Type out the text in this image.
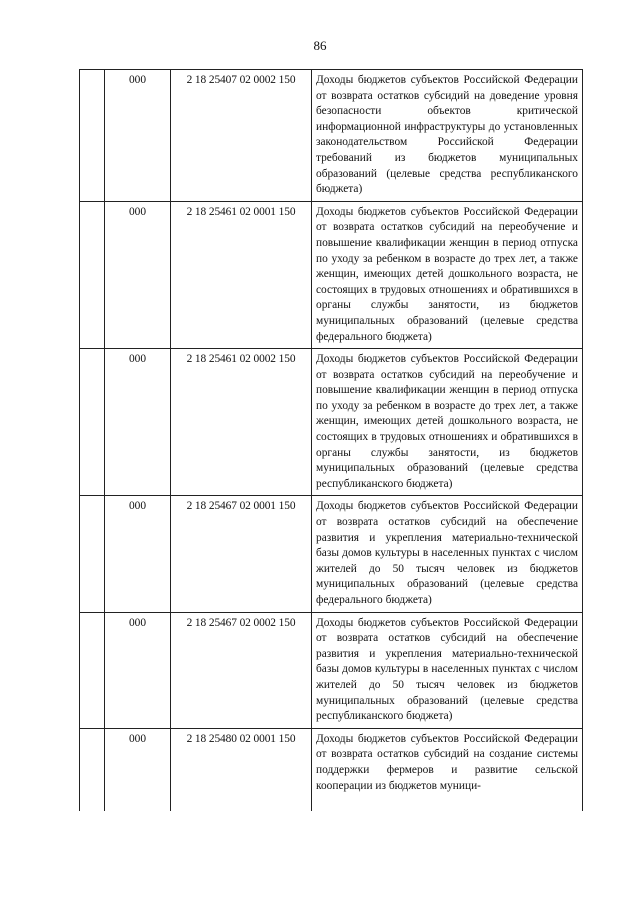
86
	000	2 18 25407 02 0002 150	Доходы бюджетов субъектов Российской Федерации от возврата остатков субсидий на доведение уровня безопасности объектов критической информационной инфраструктуры до установленных законодательством Российской Федерации требований из бюджетов муниципальных образований (целевые средства республиканского бюджета)

	000	2 18 25461 02 0001 150	Доходы бюджетов субъектов Российской Федерации от возврата остатков субсидий на переобучение и повышение квалификации женщин в период отпуска по уходу за ребенком в возрасте до трех лет, а также женщин, имеющих детей дошкольного возраста, не состоящих в трудовых отношениях и обратившихся в органы службы занятости, из бюджетов муниципальных образований (целевые средства федерального бюджета)

	000	2 18 25461 02 0002 150	Доходы бюджетов субъектов Российской Федерации от возврата остатков субсидий на переобучение и повышение квалификации женщин в период отпуска по уходу за ребенком в возрасте до трех лет, а также женщин, имеющих детей дошкольного возраста, не состоящих в трудовых отношениях и обратившихся в органы службы занятости, из бюджетов муниципальных образований (целевые средства республиканского бюджета)

	000	2 18 25467 02 0001 150	Доходы бюджетов субъектов Российской Федерации от возврата остатков субсидий на обеспечение развития и укрепления материально-технической базы домов культуры в населенных пунктах с числом жителей до 50 тысяч человек из бюджетов муниципальных образований (целевые средства федерального бюджета)

	000	2 18 25467 02 0002 150	Доходы бюджетов субъектов Российской Федерации от возврата остатков субсидий на обеспечение развития и укрепления материально-технической базы домов культуры в населенных пунктах с числом жителей до 50 тысяч человек из бюджетов муниципальных образований (целевые средства республиканского бюджета)

	000	2 18 25480 02 0001 150	Доходы бюджетов субъектов Российской Федерации от возврата остатков субсидий на создание системы поддержки фермеров и развитие сельской кооперации из бюджетов муници-
